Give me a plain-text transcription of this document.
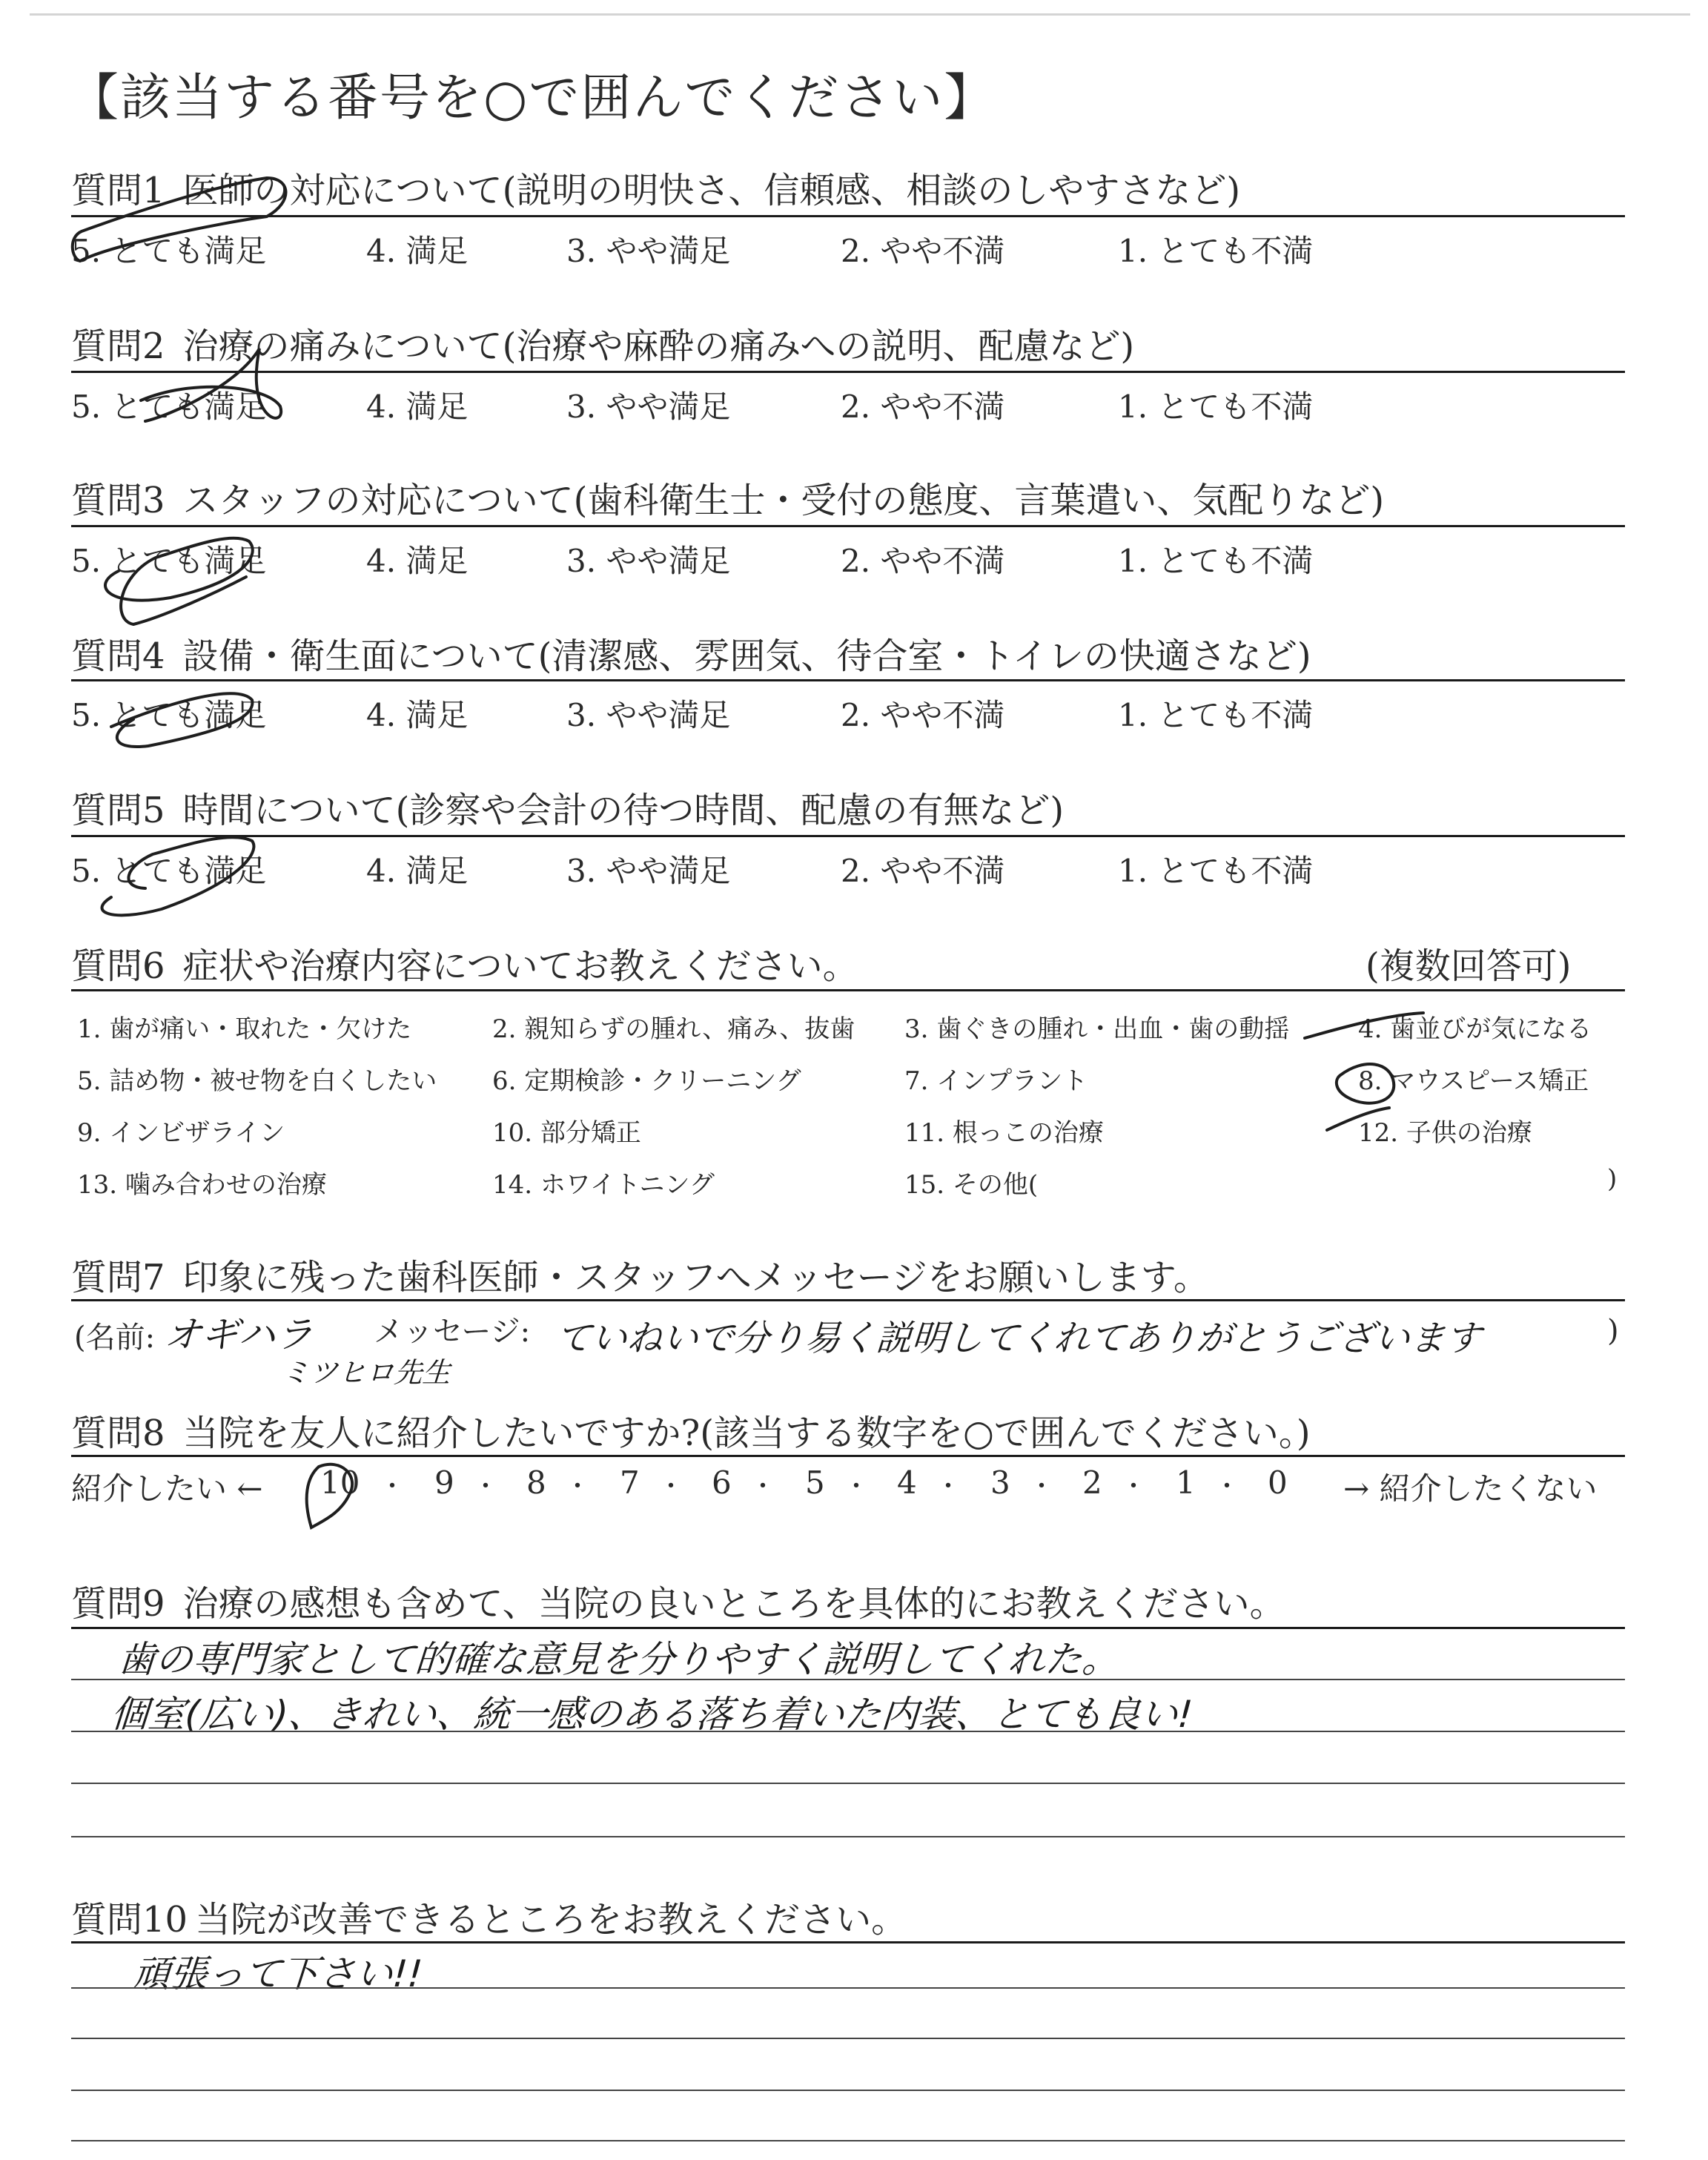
【該当する番号を○で囲んでください】
質問1 医師の対応について(説明の明快さ、信頼感、相談のしやすさなど)
5. とても満足	4. 満足	3. やや満足	2. やや不満	1. とても不満
質問2 治療の痛みについて(治療や麻酔の痛みへの説明、配慮など)
5. とても満足	4. 満足	3. やや満足	2. やや不満	1. とても不満
質問3 スタッフの対応について(歯科衛生士・受付の態度、言葉遣い、気配りなど)
5. とても満足	4. 満足	3. やや満足	2. やや不満	1. とても不満
質問4 設備・衛生面について(清潔感、雰囲気、待合室・トイレの快適さなど)
5. とても満足	4. 満足	3. やや満足	2. やや不満	1. とても不満
質問5 時間について(診察や会計の待つ時間、配慮の有無など)
5. とても満足	4. 満足	3. やや満足	2. やや不満	1. とても不満
質問6 症状や治療内容についてお教えください。	(複数回答可)
1. 歯が痛い・取れた・欠けた	2. 親知らずの腫れ、痛み、抜歯 3. 歯ぐきの腫れ・出血・歯の動揺	4. 歯並びが気になる
5. 詰め物・被せ物を白くしたい 6. 定期検診・クリーニング	7. インプラント	8. マウスピース矯正
9. インビザライン	10. 部分矯正	11. 根っこの治療	12. 子供の治療
13. 噛み合わせの治療	14. ホワイトニング	15. その他(	)
質問7 印象に残った歯科医師・スタッフへメッセージをお願いします。
(名前: オギハラ
ミツヒロ先生
メッセージ: ていねいで分り易く説明してくれてありがとうございます	)
質問8 当院を友人に紹介したいですか?(該当する数字を○で囲んでください。)
紹介したい ← 10 ・ 9 ・ 8 ・ 7 ・ 6 ・ 5 ・ 4 ・ 3 ・ 2 ・ 1 ・ 0 → 紹介したくない
質問9 治療の感想も含めて、当院の良いところを具体的にお教えください。
歯の専門家として的確な意見を分りやすく説明してくれた。
個室(広い)、きれい、統一感のある落ち着いた内装、とても良い!
質問10 当院が改善できるところをお教えください。
頑張って下さい!!
